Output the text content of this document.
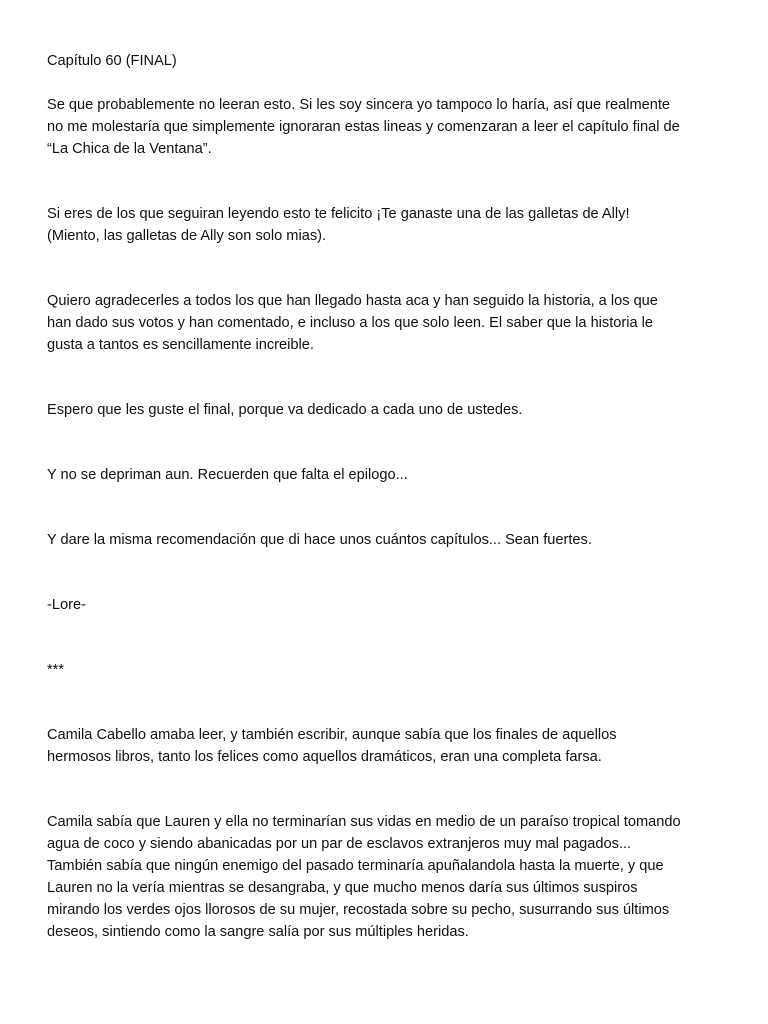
Capítulo 60 (FINAL)

Se que probablemente no leeran esto. Si les soy sincera yo tampoco lo haría, así que realmente
no me molestaría que simplemente ignoraran estas lineas y comenzaran a leer el capítulo final de
“La Chica de la Ventana”.

Si eres de los que seguiran leyendo esto te felicito ¡Te ganaste una de las galletas de Ally!
(Miento, las galletas de Ally son solo mias).

Quiero agradecerles a todos los que han llegado hasta aca y han seguido la historia, a los que
han dado sus votos y han comentado, e incluso a los que solo leen. El saber que la historia le
gusta a tantos es sencillamente increible.

Espero que les guste el final, porque va dedicado a cada uno de ustedes.

Y no se depriman aun. Recuerden que falta el epilogo...

Y dare la misma recomendación que di hace unos cuántos capítulos... Sean fuertes.

-Lore-

***

Camila Cabello amaba leer, y también escribir, aunque sabía que los finales de aquellos
hermosos libros, tanto los felices como aquellos dramáticos, eran una completa farsa.

Camila sabía que Lauren y ella no terminarían sus vidas en medio de un paraíso tropical tomando
agua de coco y siendo abanicadas por un par de esclavos extranjeros muy mal pagados...
También sabía que ningún enemigo del pasado terminaría apuñalandola hasta la muerte, y que
Lauren no la vería mientras se desangraba, y que mucho menos daría sus últimos suspiros
mirando los verdes ojos llorosos de su mujer, recostada sobre su pecho, susurrando sus últimos
deseos, sintiendo como la sangre salía por sus múltiples heridas.
